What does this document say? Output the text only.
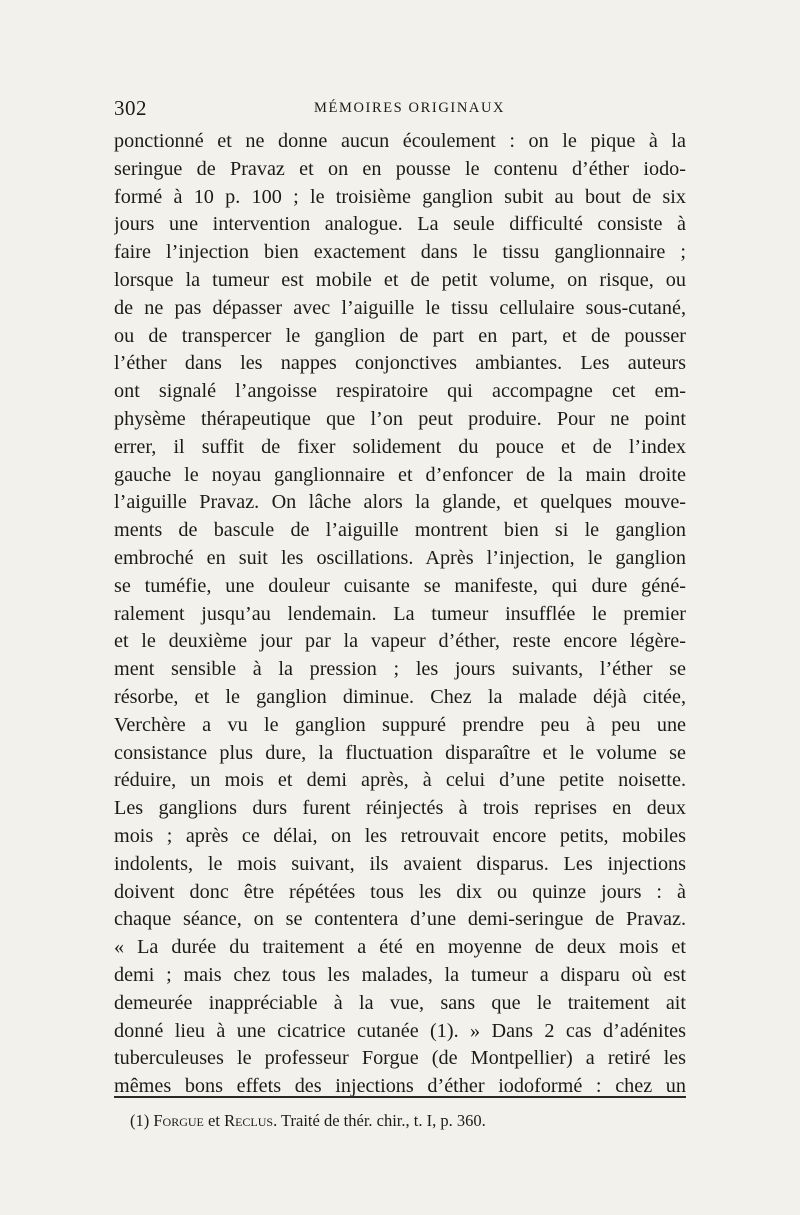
302	MÉMOIRES ORIGINAUX
ponctionné et ne donne aucun écoulement : on le pique à la
seringue de Pravaz et on en pousse le contenu d’éther iodo-
formé à 10 p. 100 ; le troisième ganglion subit au bout de six
jours une intervention analogue. La seule difficulté consiste à
faire l’injection bien exactement dans le tissu ganglionnaire ;
lorsque la tumeur est mobile et de petit volume, on risque, ou
de ne pas dépasser avec l’aiguille le tissu cellulaire sous-cutané,
ou de transpercer le ganglion de part en part, et de pousser
l’éther dans les nappes conjonctives ambiantes. Les auteurs
ont signalé l’angoisse respiratoire qui accompagne cet em-
physème thérapeutique que l’on peut produire. Pour ne point
errer, il suffit de fixer solidement du pouce et de l’index
gauche le noyau ganglionnaire et d’enfoncer de la main droite
l’aiguille Pravaz. On lâche alors la glande, et quelques mouve-
ments de bascule de l’aiguille montrent bien si le ganglion
embroché en suit les oscillations. Après l’injection, le ganglion
se tuméfie, une douleur cuisante se manifeste, qui dure géné-
ralement jusqu’au lendemain. La tumeur insufflée le premier
et le deuxième jour par la vapeur d’éther, reste encore légère-
ment sensible à la pression ; les jours suivants, l’éther se
résorbe, et le ganglion diminue. Chez la malade déjà citée,
Verchère a vu le ganglion suppuré prendre peu à peu une
consistance plus dure, la fluctuation disparaître et le volume se
réduire, un mois et demi après, à celui d’une petite noisette.
Les ganglions durs furent réinjectés à trois reprises en deux
mois ; après ce délai, on les retrouvait encore petits, mobiles
indolents, le mois suivant, ils avaient disparus. Les injections
doivent donc être répétées tous les dix ou quinze jours : à
chaque séance, on se contentera d’une demi-seringue de Pravaz.
« La durée du traitement a été en moyenne de deux mois et
demi ; mais chez tous les malades, la tumeur a disparu où est
demeurée inappréciable à la vue, sans que le traitement ait
donné lieu à une cicatrice cutanée (1). » Dans 2 cas d’adénites
tuberculeuses le professeur Forgue (de Montpellier) a retiré les
mêmes bons effets des injections d’éther iodoformé : chez un
(1) Forgue et Reclus. Traité de thér. chir., t. I, p. 360.
